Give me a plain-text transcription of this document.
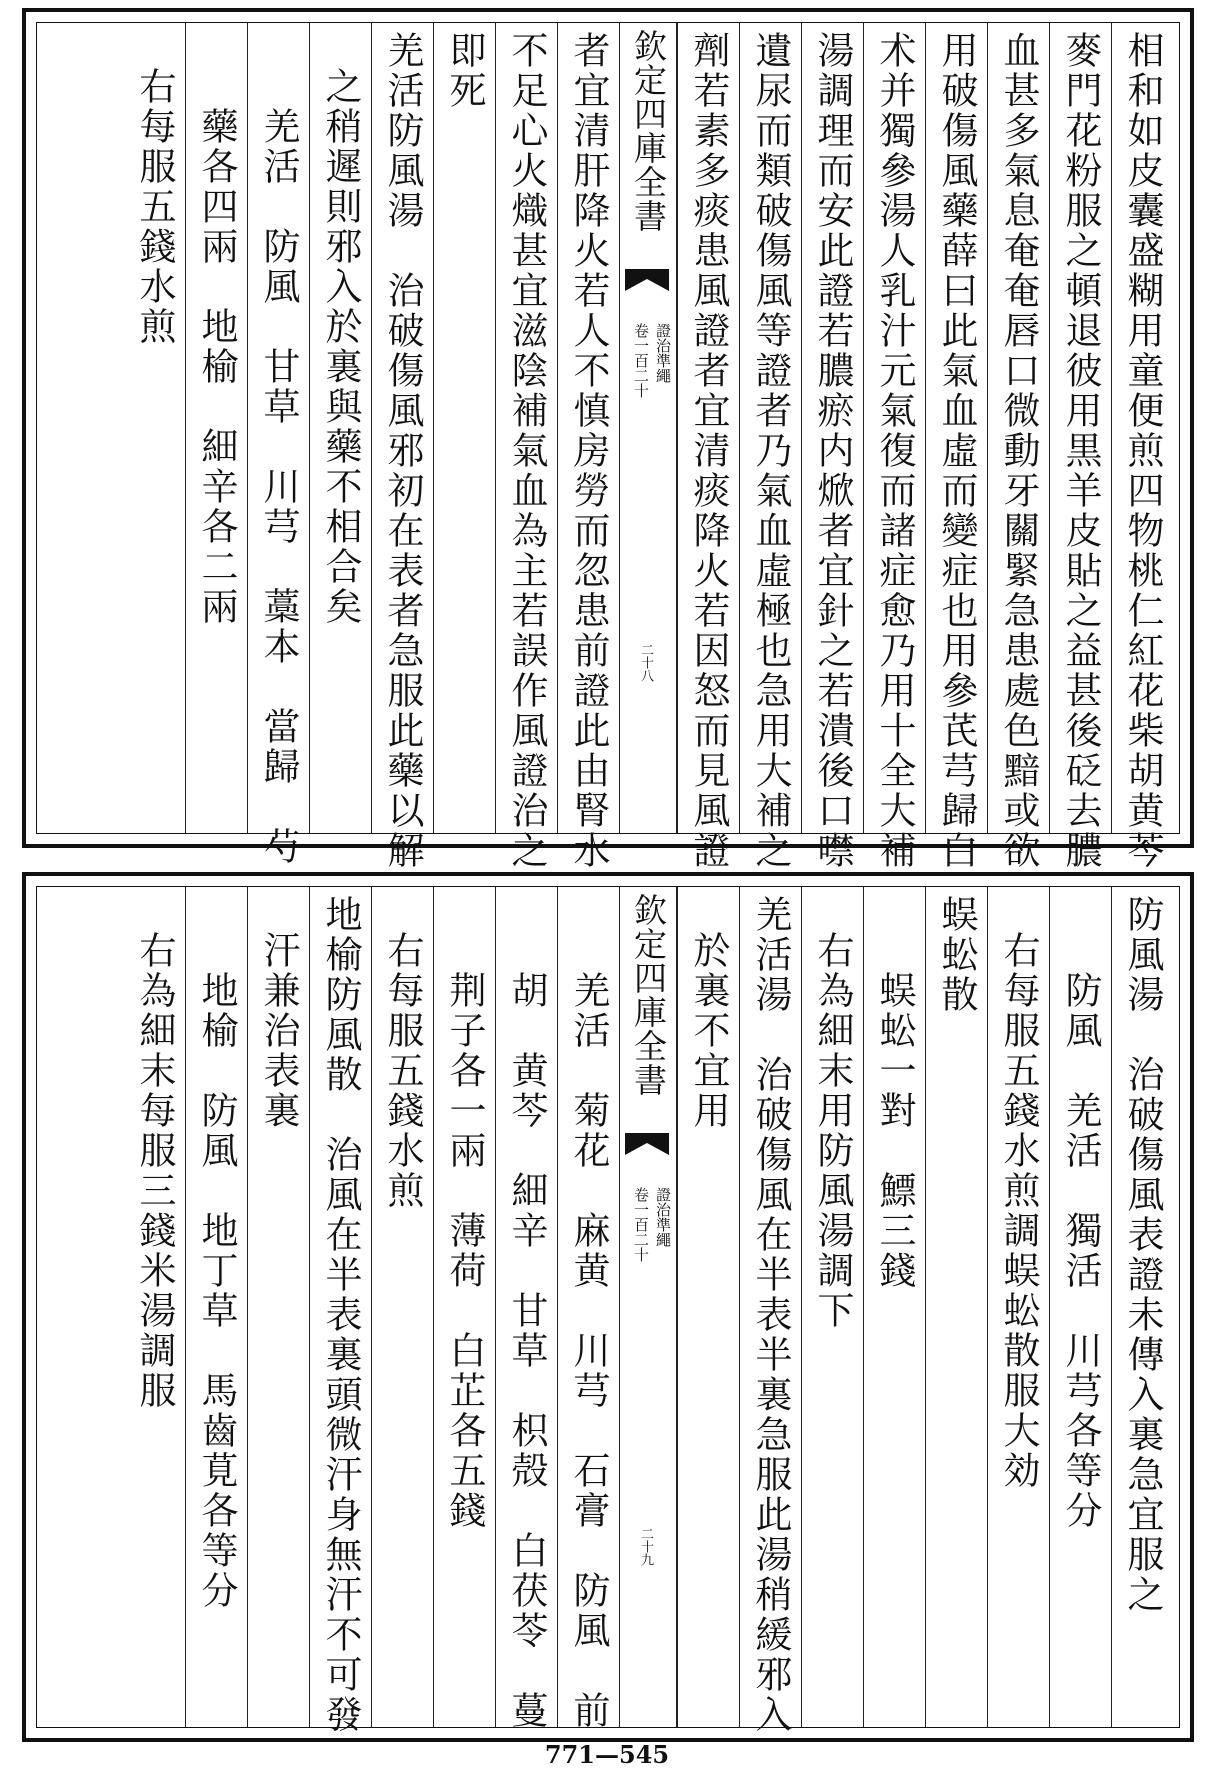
相和如皮囊盛糊用童便煎四物桃仁紅花柴胡黄芩
麥門花粉服之頓退彼用黒羊皮貼之益甚後砭去膿
血甚多氣息奄奄唇口微動牙關緊急患處色黯或欲
用破傷風藥薛曰此氣血虛而變症也用參芪芎歸白
术并獨參湯人乳汁元氣復而諸症愈乃用十全大補
湯調理而安此證若膿瘀内焮者宜針之若潰後口噤
遺尿而類破傷風等證者乃氣血虛極也急用大補之
劑若素多痰患風證者宜清痰降火若因怒而見風證
欽定四庫全書
證治準繩
卷一百二十
二十八
者宜清肝降火若人不慎房勞而忽患前證此由腎水
不足心火熾甚宜滋陰補氣血為主若誤作風證治之
即死
羌活防風湯　治破傷風邪初在表者急服此藥以解
之稍遲則邪入於裏與藥不相合矣
羌活　防風　甘草　川芎　藁本　當歸　芍
藥各四兩　地榆　細辛各二兩
右每服五錢水煎
防風湯　治破傷風表證未傳入裏急宜服之
防風　羌活　獨活　川芎各等分
右每服五錢水煎調蜈蚣散服大効
蜈蚣散
蜈蚣一對　鰾三錢
右為細末用防風湯調下
羌活湯　治破傷風在半表半裏急服此湯稍緩邪入
於裏不宜用
欽定四庫全書
證治準繩
卷一百二十
二十九
羌活　菊花　麻黄　川芎　石膏　防風　前
胡　黄芩　細辛　甘草　枳殻　白茯苓　蔓
荆子各一兩　薄荷　白芷各五錢
右每服五錢水煎
地榆防風散　治風在半表裏頭微汗身無汗不可發
汗兼治表裏
地榆　防風　地丁草　馬齒莧各等分
右為細末每服三錢米湯調服
771—545
